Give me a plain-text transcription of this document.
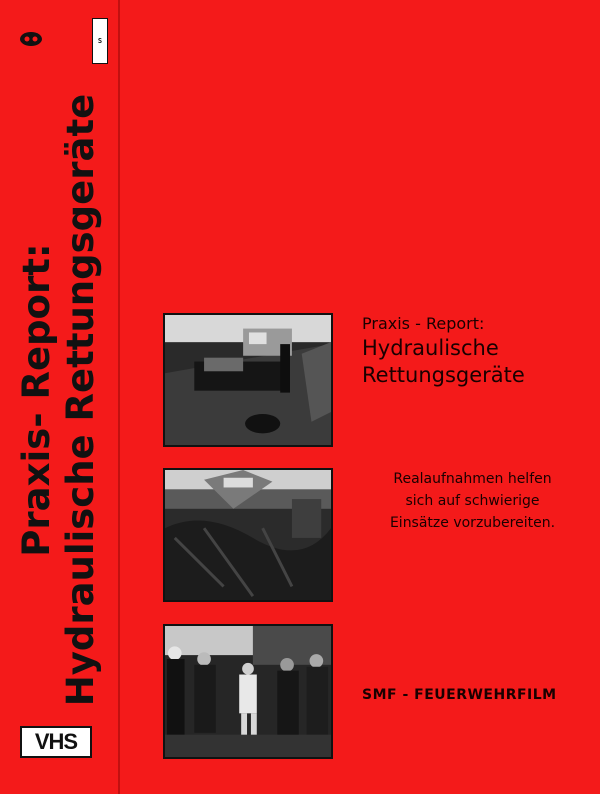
S
Praxis- Report: Hydraulische Rettungsgeräte
VHS
Praxis - Report:
Hydraulische
Rettungsgeräte
Realaufnahmen helfen
sich auf schwierige
Einsätze vorzubereiten.
SMF - FEUERWEHRFILM
